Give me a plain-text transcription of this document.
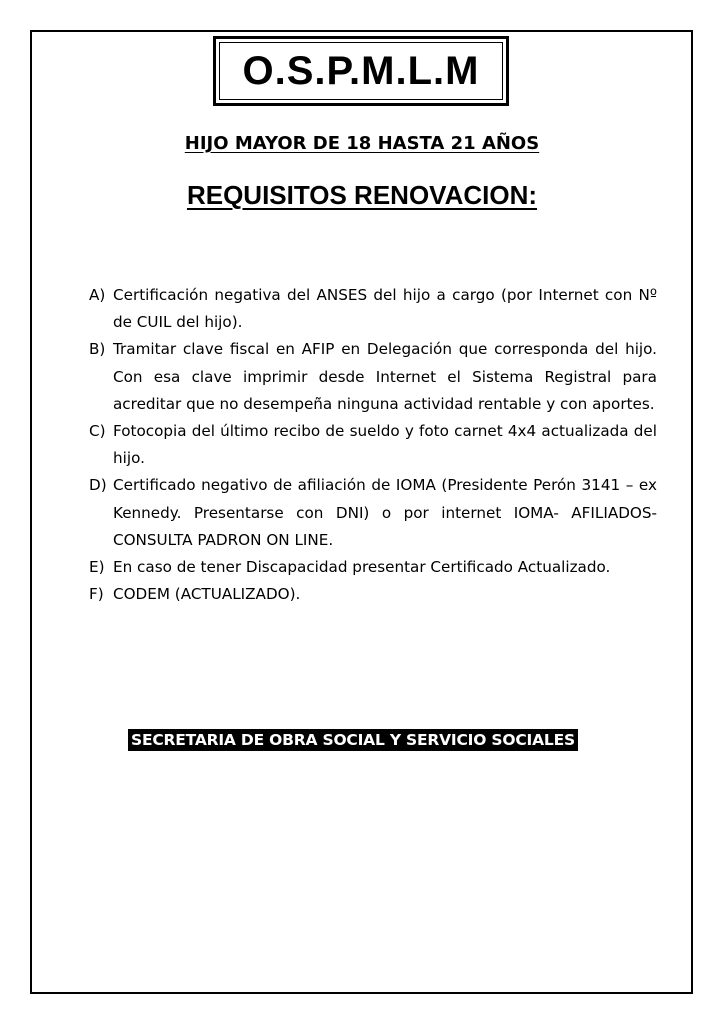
O.S.P.M.L.M
HIJO MAYOR DE 18 HASTA 21 AÑOS
REQUISITOS RENOVACION:
A) Certificación negativa del ANSES del hijo a cargo (por Internet con Nº de CUIL del hijo).
B) Tramitar clave fiscal en AFIP en Delegación que corresponda del hijo. Con esa clave imprimir desde Internet el Sistema Registral para acreditar que no desempeña ninguna actividad rentable y con aportes.
C) Fotocopia del último recibo de sueldo y foto carnet 4x4 actualizada del hijo.
D) Certificado negativo de afiliación de IOMA (Presidente Perón 3141 – ex Kennedy. Presentarse con DNI) o por internet IOMA- AFILIADOS-CONSULTA PADRON ON LINE.
E) En caso de tener Discapacidad presentar Certificado Actualizado.
F) CODEM (ACTUALIZADO).
SECRETARIA DE OBRA SOCIAL Y SERVICIO SOCIALES
